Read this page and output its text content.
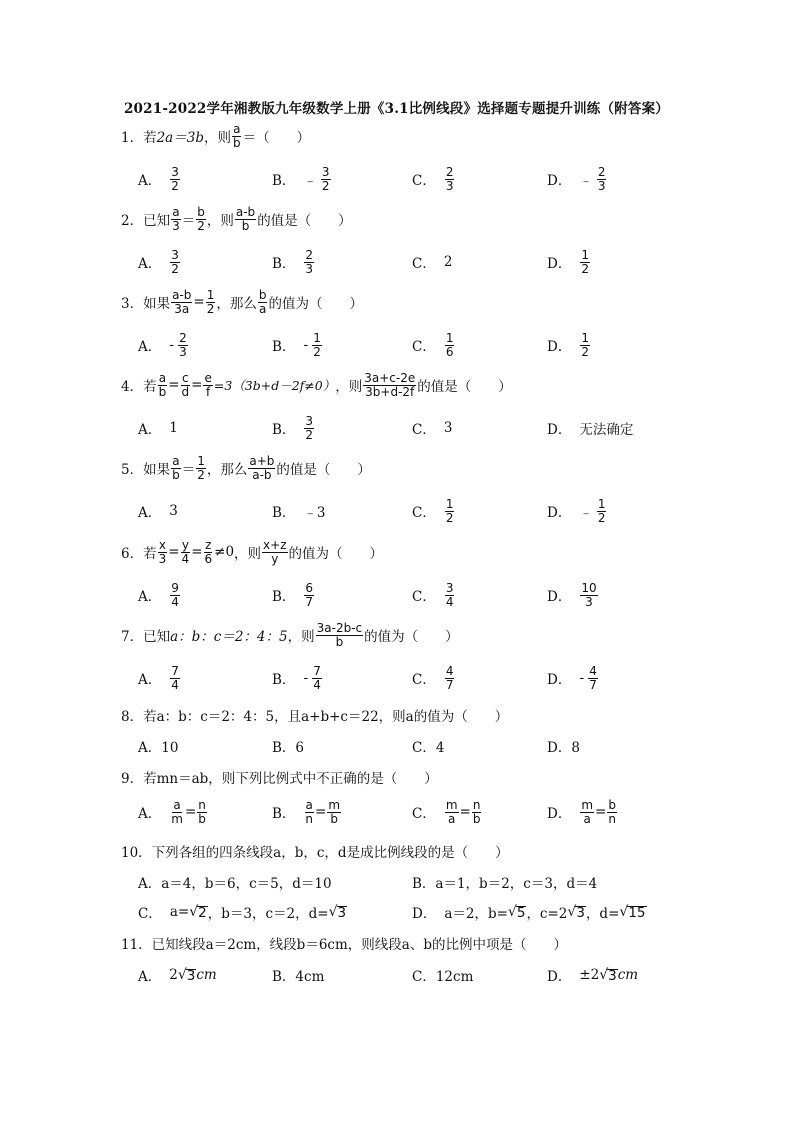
2021-2022学年湘教版九年级数学上册《3.1比例线段》选择题专题提升训练（附答案）
1．若 2a＝3b ，则 $\frac{a}{b}$ ＝（　　）
A． $\frac{3}{2}$	B． ﹣ $\frac{3}{2}$	C． $\frac{2}{3}$	D． ﹣ $\frac{2}{3}$
2．已知 $\frac{a}{3} = \frac{b}{2}$ ，则 $\frac{a-b}{b}$ 的值是（　　）
A． $\frac{3}{2}$	B． $\frac{2}{3}$	C． 2	D． $\frac{1}{2}$
3．如果 $\frac{a-b}{3a} = \frac{1}{2}$ ，那么 $\frac{b}{a}$ 的值为（　　）
A． - $\frac{2}{3}$	B． - $\frac{1}{2}$	C． $\frac{1}{6}$	D． $\frac{1}{2}$
4．若 $\frac{a}{b} = \frac{c}{d} = \frac{e}{f} =3(3b+d-2f\ne 0)$ ，则 $\frac{3a+c-2e}{3b+d-2f}$ 的值是（　　）
A． 1	B． $\frac{3}{2}$	C． 3	D． 无法确定
5．如果 $\frac{a}{b} = \frac{1}{2}$ ，那么 $\frac{a+b}{a-b}$ 的值是（　　）
A． 3	B． ﹣3	C． $\frac{1}{2}$	D． ﹣ $\frac{1}{2}$
6．若 $\frac{x}{3} = \frac{y}{4} = \frac{z}{6} \ne 0$ ，则 $\frac{x+z}{y}$ 的值为（　　）
A． $\frac{9}{4}$	B． $\frac{6}{7}$	C． $\frac{3}{4}$	D． $\frac{10}{3}$
7．已知 a：b：c＝2：4：5 ，则 $\frac{3a-2b-c}{b}$ 的值为（　　）
A． $\frac{7}{4}$	B． - $\frac{7}{4}$	C． $\frac{4}{7}$	D． - $\frac{4}{7}$
8．若a：b：c＝2：4：5，且a+b+c＝22，则a的值为（　　）
A．10	B．6	C．4	D．8
9．若mn＝ab，则下列比例式中不正确的是（　　）
A． $\frac{a}{m} = \frac{n}{b}$	B． $\frac{a}{n} = \frac{m}{b}$	C． $\frac{m}{a} = \frac{n}{b}$	D． $\frac{m}{a} = \frac{b}{n}$
10．下列各组的四条线段a，b，c，d是成比例线段的是（　　）
A．a＝4，b＝6，c＝5，d＝10	B．a＝1，b＝2，c＝3，d＝4
C． a= √ 2 ，b＝3，c＝2，d= √ 3	D． a＝2，b= √ 5 ，c=2 √ 3 ，d= √ 15
11．已知线段a＝2cm，线段b＝6cm，则线段a、b的比例中项是（　　）
A． 2 √ 3 cm	B．4cm	C．12cm	D． ±2 √ 3 cm
